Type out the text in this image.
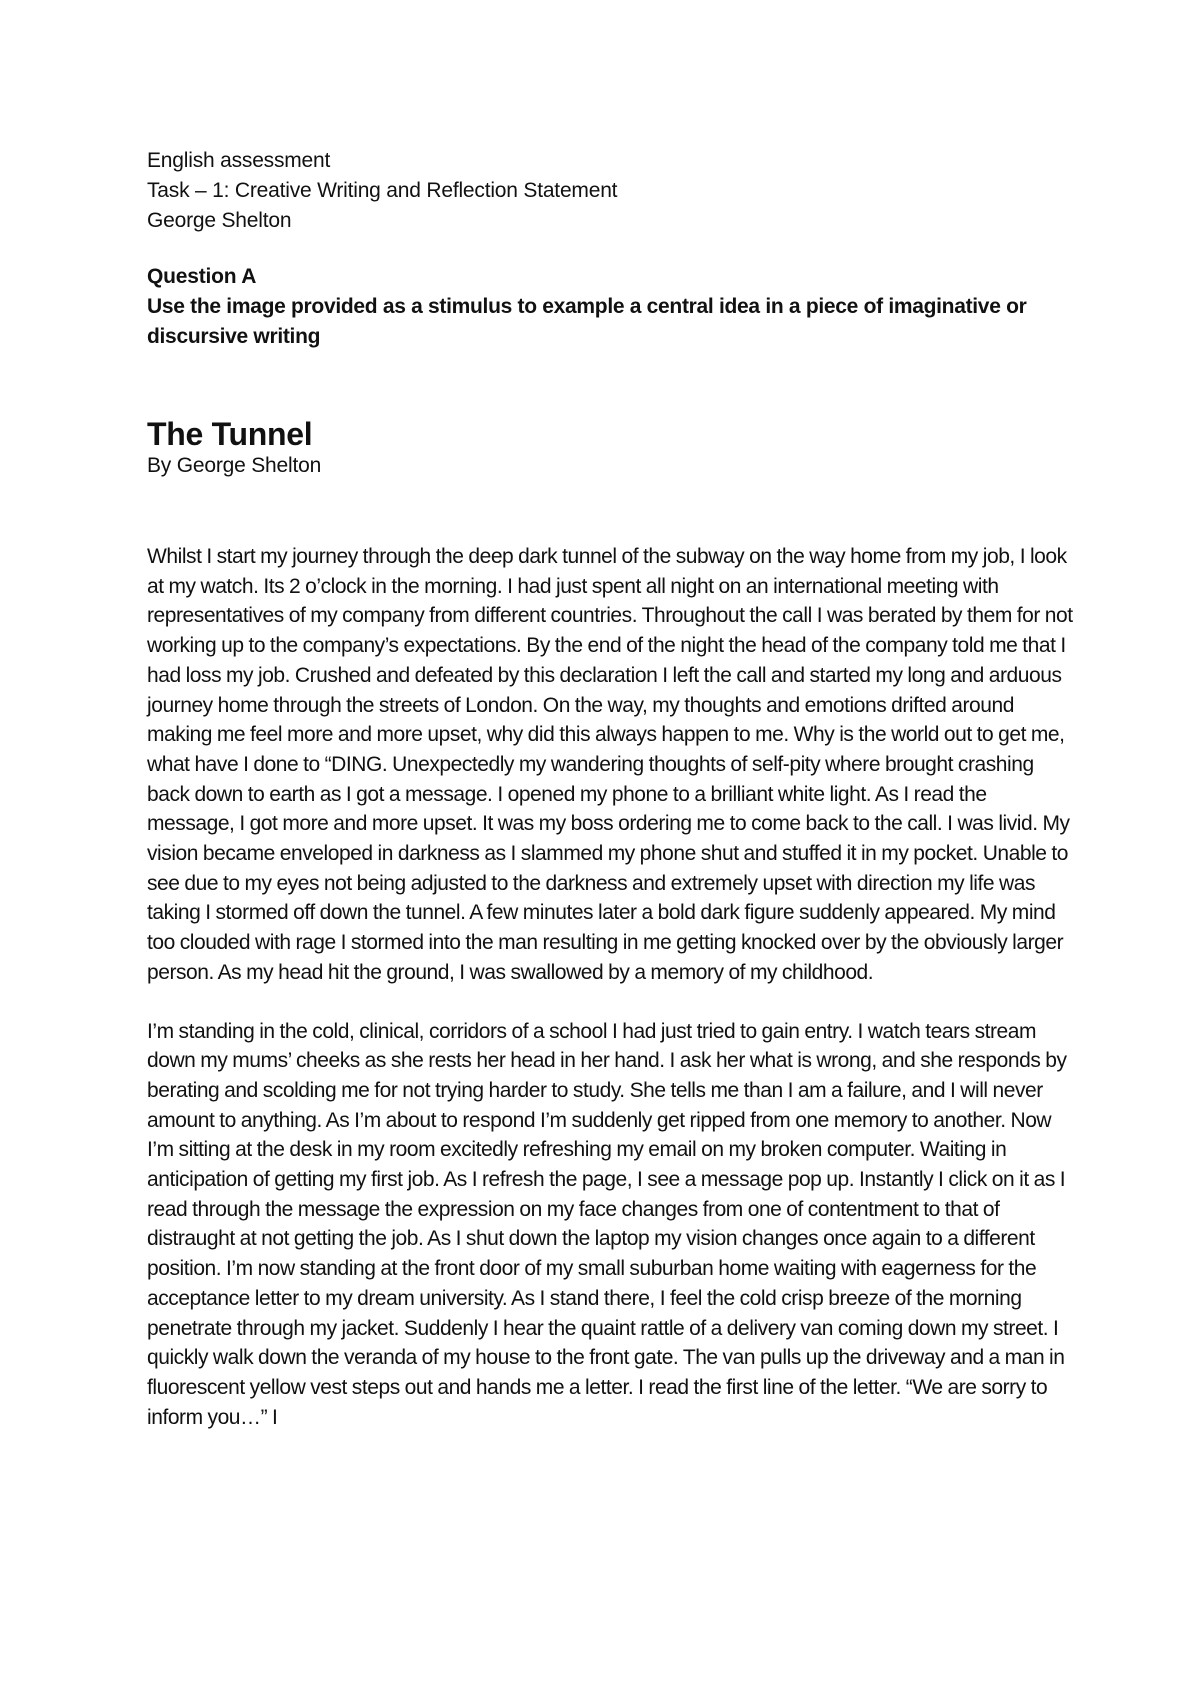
English assessment

Task – 1: Creative Writing and Reflection Statement

George Shelton

Question A

Use the image provided as a stimulus to example a central idea in a piece of imaginative or discursive writing

The Tunnel

By George Shelton

Whilst I start my journey through the deep dark tunnel of the subway on the way home from my job, I look at my watch. Its 2 o’clock in the morning. I had just spent all night on an international meeting with representatives of my company from different countries. Throughout the call I was berated by them for not working up to the company’s expectations. By the end of the night the head of the company told me that I had loss my job. Crushed and defeated by this declaration I left the call and started my long and arduous journey home through the streets of London. On the way, my thoughts and emotions drifted around making me feel more and more upset, why did this always happen to me. Why is the world out to get me, what have I done to “DING. Unexpectedly my wandering thoughts of self-pity where brought crashing back down to earth as I got a message. I opened my phone to a brilliant white light. As I read the message, I got more and more upset. It was my boss ordering me to come back to the call. I was livid. My vision became enveloped in darkness as I slammed my phone shut and stuffed it in my pocket. Unable to see due to my eyes not being adjusted to the darkness and extremely upset with direction my life was taking I stormed off down the tunnel. A few minutes later a bold dark figure suddenly appeared. My mind too clouded with rage I stormed into the man resulting in me getting knocked over by the obviously larger person. As my head hit the ground, I was swallowed by a memory of my childhood.

I’m standing in the cold, clinical, corridors of a school I had just tried to gain entry. I watch tears stream down my mums’ cheeks as she rests her head in her hand. I ask her what is wrong, and she responds by berating and scolding me for not trying harder to study. She tells me than I am a failure, and I will never amount to anything. As I’m about to respond I’m suddenly get ripped from one memory to another. Now I’m sitting at the desk in my room excitedly refreshing my email on my broken computer. Waiting in anticipation of getting my first job. As I refresh the page, I see a message pop up. Instantly I click on it as I read through the message the expression on my face changes from one of contentment to that of distraught at not getting the job. As I shut down the laptop my vision changes once again to a different position. I’m now standing at the front door of my small suburban home waiting with eagerness for the acceptance letter to my dream university. As I stand there, I feel the cold crisp breeze of the morning penetrate through my jacket. Suddenly I hear the quaint rattle of a delivery van coming down my street. I quickly walk down the veranda of my house to the front gate. The van pulls up the driveway and a man in fluorescent yellow vest steps out and hands me a letter. I read the first line of the letter. “We are sorry to inform you…” I
